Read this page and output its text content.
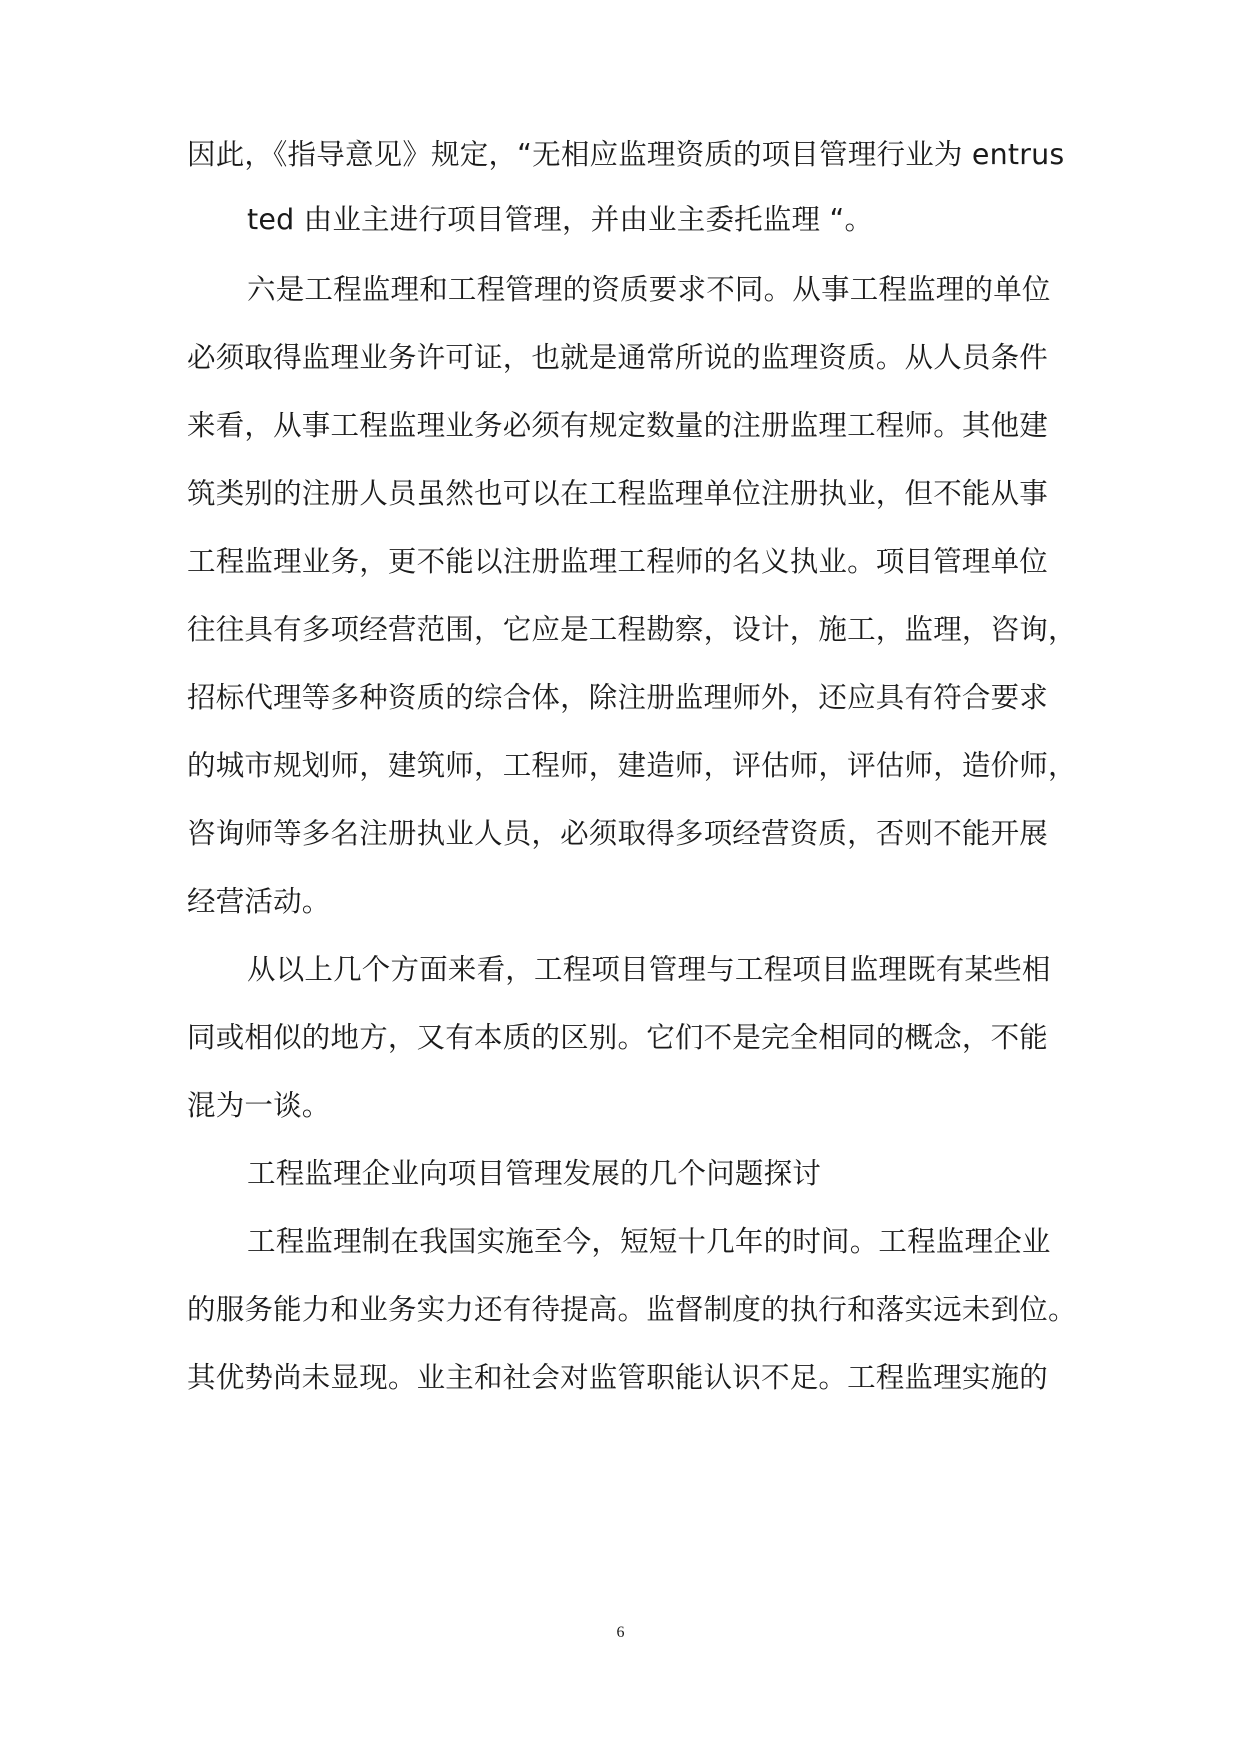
因此，《指导意见》规定，“无相应监理资质的项目管理行业为 entrus
ted 由业主进行项目管理，并由业主委托监理 “。
六是工程监理和工程管理的资质要求不同。从事工程监理的单位
必须取得监理业务许可证，也就是通常所说的监理资质。从人员条件
来看，从事工程监理业务必须有规定数量的注册监理工程师。其他建
筑类别的注册人员虽然也可以在工程监理单位注册执业，但不能从事
工程监理业务，更不能以注册监理工程师的名义执业。项目管理单位
往往具有多项经营范围，它应是工程勘察，设计，施工，监理，咨询，
招标代理等多种资质的综合体，除注册监理师外，还应具有符合要求
的城市规划师，建筑师，工程师，建造师，评估师，评估师，造价师，
咨询师等多名注册执业人员，必须取得多项经营资质，否则不能开展
经营活动。
从以上几个方面来看，工程项目管理与工程项目监理既有某些相
同或相似的地方，又有本质的区别。它们不是完全相同的概念，不能
混为一谈。
工程监理企业向项目管理发展的几个问题探讨
工程监理制在我国实施至今，短短十几年的时间。工程监理企业
的服务能力和业务实力还有待提高。监督制度的执行和落实远未到位。
其优势尚未显现。业主和社会对监管职能认识不足。工程监理实施的
6
